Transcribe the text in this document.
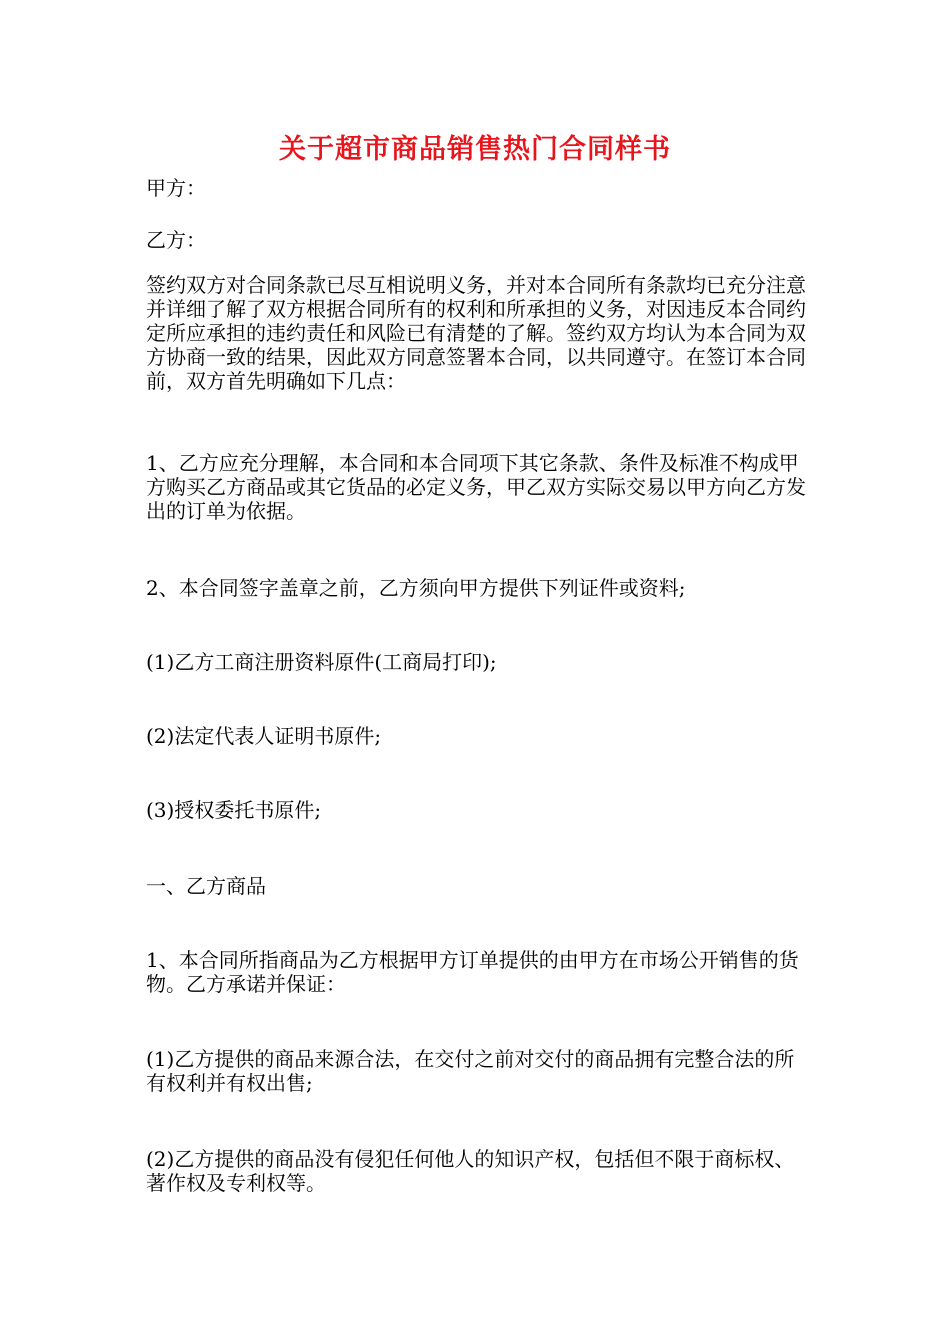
关于超市商品销售热门合同样书

甲方：

乙方：

签约双方对合同条款已尽互相说明义务，并对本合同所有条款均已充分注意并详细了解了双方根据合同所有的权利和所承担的义务，对因违反本合同约定所应承担的违约责任和风险已有清楚的了解。签约双方均认为本合同为双方协商一致的结果，因此双方同意签署本合同，以共同遵守。在签订本合同前，双方首先明确如下几点：

1、乙方应充分理解，本合同和本合同项下其它条款、条件及标准不构成甲方购买乙方商品或其它货品的必定义务，甲乙双方实际交易以甲方向乙方发出的订单为依据。

2、本合同签字盖章之前，乙方须向甲方提供下列证件或资料;

(1)乙方工商注册资料原件(工商局打印);

(2)法定代表人证明书原件;

(3)授权委托书原件;

一、乙方商品

1、本合同所指商品为乙方根据甲方订单提供的由甲方在市场公开销售的货物。乙方承诺并保证：

(1)乙方提供的商品来源合法，在交付之前对交付的商品拥有完整合法的所有权利并有权出售;

(2)乙方提供的商品没有侵犯任何他人的知识产权，包括但不限于商标权、著作权及专利权等。
